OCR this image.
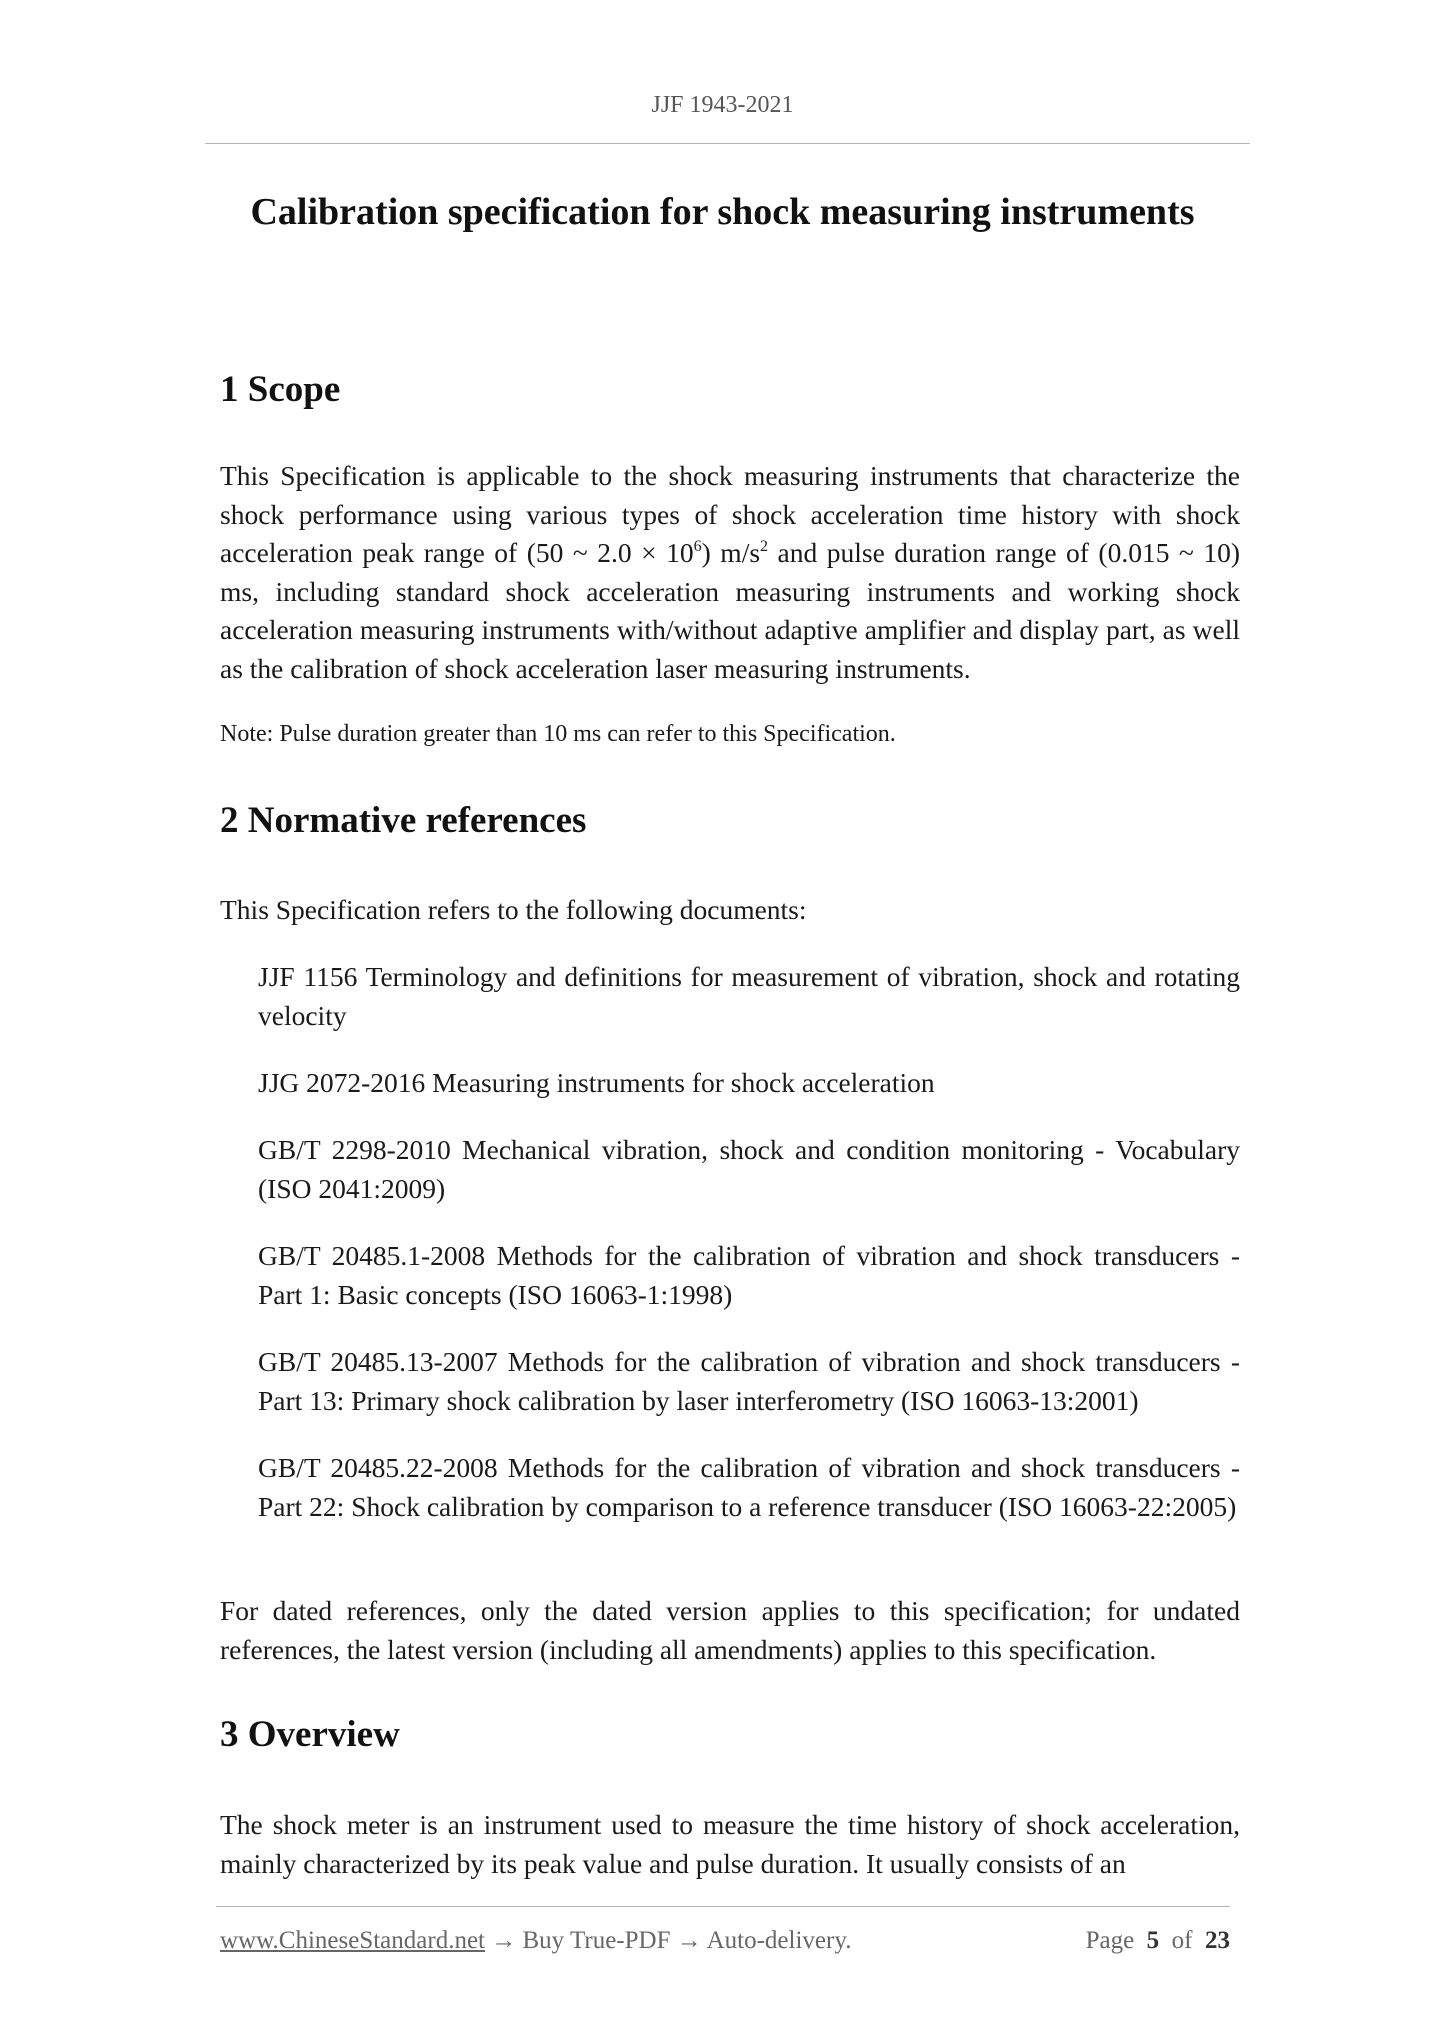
JJF 1943-2021
Calibration specification for shock measuring instruments
1 Scope

This Specification is applicable to the shock measuring instruments that characterize the shock performance using various types of shock acceleration time history with shock acceleration peak range of (50 ~ $2.0 \times 10^6$) $m/s^2$ and pulse duration range of (0.015 ~ 10) ms, including standard shock acceleration measuring instruments and working shock acceleration measuring instruments with/without adaptive amplifier and display part, as well as the calibration of shock acceleration laser measuring instruments.

Note: Pulse duration greater than 10 ms can refer to this Specification.

2 Normative references

This Specification refers to the following documents:

JJF 1156 Terminology and definitions for measurement of vibration, shock and rotating velocity

JJG 2072-2016 Measuring instruments for shock acceleration

GB/T 2298-2010 Mechanical vibration, shock and condition monitoring - Vocabulary (ISO 2041:2009)

GB/T 20485.1-2008 Methods for the calibration of vibration and shock transducers - Part 1: Basic concepts (ISO 16063-1:1998)

GB/T 20485.13-2007 Methods for the calibration of vibration and shock transducers - Part 13: Primary shock calibration by laser interferometry (ISO 16063-13:2001)

GB/T 20485.22-2008 Methods for the calibration of vibration and shock transducers - Part 22: Shock calibration by comparison to a reference transducer (ISO 16063-22:2005)

For dated references, only the dated version applies to this specification; for undated references, the latest version (including all amendments) applies to this specification.

3 Overview

The shock meter is an instrument used to measure the time history of shock acceleration, mainly characterized by its peak value and pulse duration. It usually consists of an

www.ChineseStandard.net → Buy True-PDF → Auto-delivery.	Page 5 of 23
